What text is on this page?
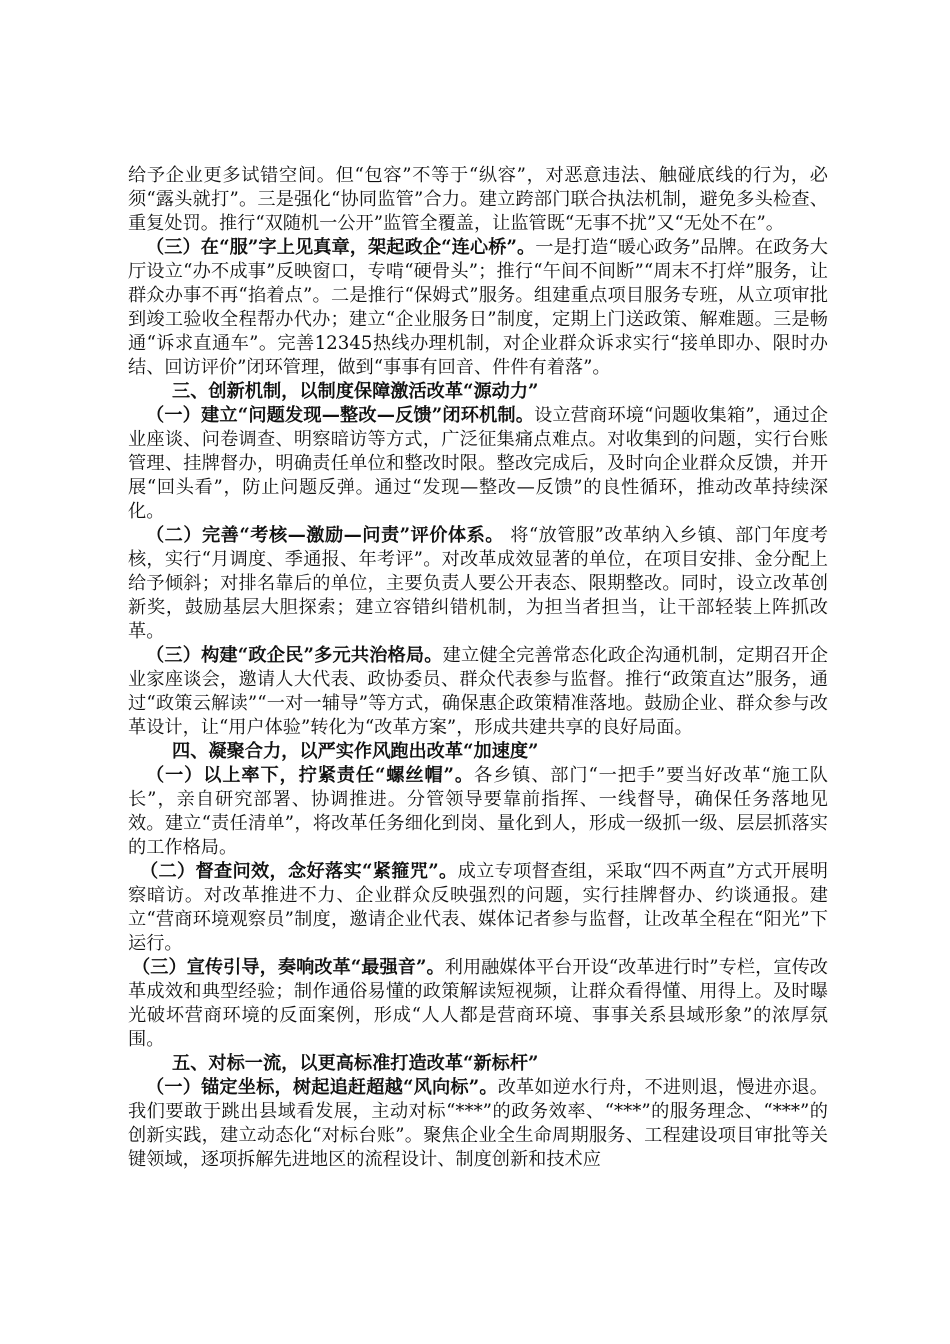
给予企业更多试错空间。但“包容”不等于“纵容”，对恶意违法、触碰底线的行为，必须“露头就打”。三是强化“协同监管”合力。建立跨部门联合执法机制，避免多头检查、重复处罚。推行“双随机一公开”监管全覆盖，让监管既“无事不扰”又“无处不在”。

（三）在“服”字上见真章，架起政企“连心桥”。一是打造“暖心政务”品牌。在政务大厅设立“办不成事”反映窗口，专啃“硬骨头”；推行“午间不间断”“周末不打烊”服务，让群众办事不再“掐着点”。二是推行“保姆式”服务。组建重点项目服务专班，从立项审批到竣工验收全程帮办代办；建立“企业服务日”制度，定期上门送政策、解难题。三是畅通“诉求直通车”。完善12345热线办理机制，对企业群众诉求实行“接单即办、限时办结、回访评价”闭环管理，做到“事事有回音、件件有着落”。

三、创新机制，以制度保障激活改革“源动力”

（一）建立“问题发现—整改—反馈”闭环机制。设立营商环境“问题收集箱”，通过企业座谈、问卷调查、明察暗访等方式，广泛征集痛点难点。对收集到的问题，实行台账管理、挂牌督办，明确责任单位和整改时限。整改完成后，及时向企业群众反馈，并开展“回头看”，防止问题反弹。通过“发现—整改—反馈”的良性循环，推动改革持续深化。

（二）完善“考核—激励—问责”评价体系。 将“放管服”改革纳入乡镇、部门年度考核，实行“月调度、季通报、年考评”。对改革成效显著的单位，在项目安排、金分配上给予倾斜；对排名靠后的单位，主要负责人要公开表态、限期整改。同时，设立改革创新奖，鼓励基层大胆探索；建立容错纠错机制，为担当者担当，让干部轻装上阵抓改革。

（三）构建“政企民”多元共治格局。建立健全完善常态化政企沟通机制，定期召开企业家座谈会，邀请人大代表、政协委员、群众代表参与监督。推行“政策直达”服务，通过“政策云解读”“一对一辅导”等方式，确保惠企政策精准落地。鼓励企业、群众参与改革设计，让“用户体验”转化为“改革方案”，形成共建共享的良好局面。

四、凝聚合力，以严实作风跑出改革“加速度”

（一）以上率下，拧紧责任“螺丝帽”。各乡镇、部门“一把手”要当好改革“施工队长”，亲自研究部署、协调推进。分管领导要靠前指挥、一线督导，确保任务落地见效。建立“责任清单”，将改革任务细化到岗、量化到人，形成一级抓一级、层层抓落实的工作格局。

（二）督查问效，念好落实“紧箍咒”。成立专项督查组，采取“四不两直”方式开展明察暗访。对改革推进不力、企业群众反映强烈的问题，实行挂牌督办、约谈通报。建立“营商环境观察员”制度，邀请企业代表、媒体记者参与监督，让改革全程在“阳光”下运行。

（三）宣传引导，奏响改革“最强音”。利用融媒体平台开设“改革进行时”专栏，宣传改革成效和典型经验；制作通俗易懂的政策解读短视频，让群众看得懂、用得上。及时曝光破坏营商环境的反面案例，形成“人人都是营商环境、事事关系县域形象”的浓厚氛围。

五、对标一流，以更高标准打造改革“新标杆”

（一）锚定坐标，树起追赶超越“风向标”。改革如逆水行舟，不进则退，慢进亦退。我们要敢于跳出县域看发展，主动对标“***”的政务效率、“***”的服务理念、“***”的创新实践，建立动态化“对标台账”。聚焦企业全生命周期服务、工程建设项目审批等关键领域，逐项拆解先进地区的流程设计、制度创新和技术应
